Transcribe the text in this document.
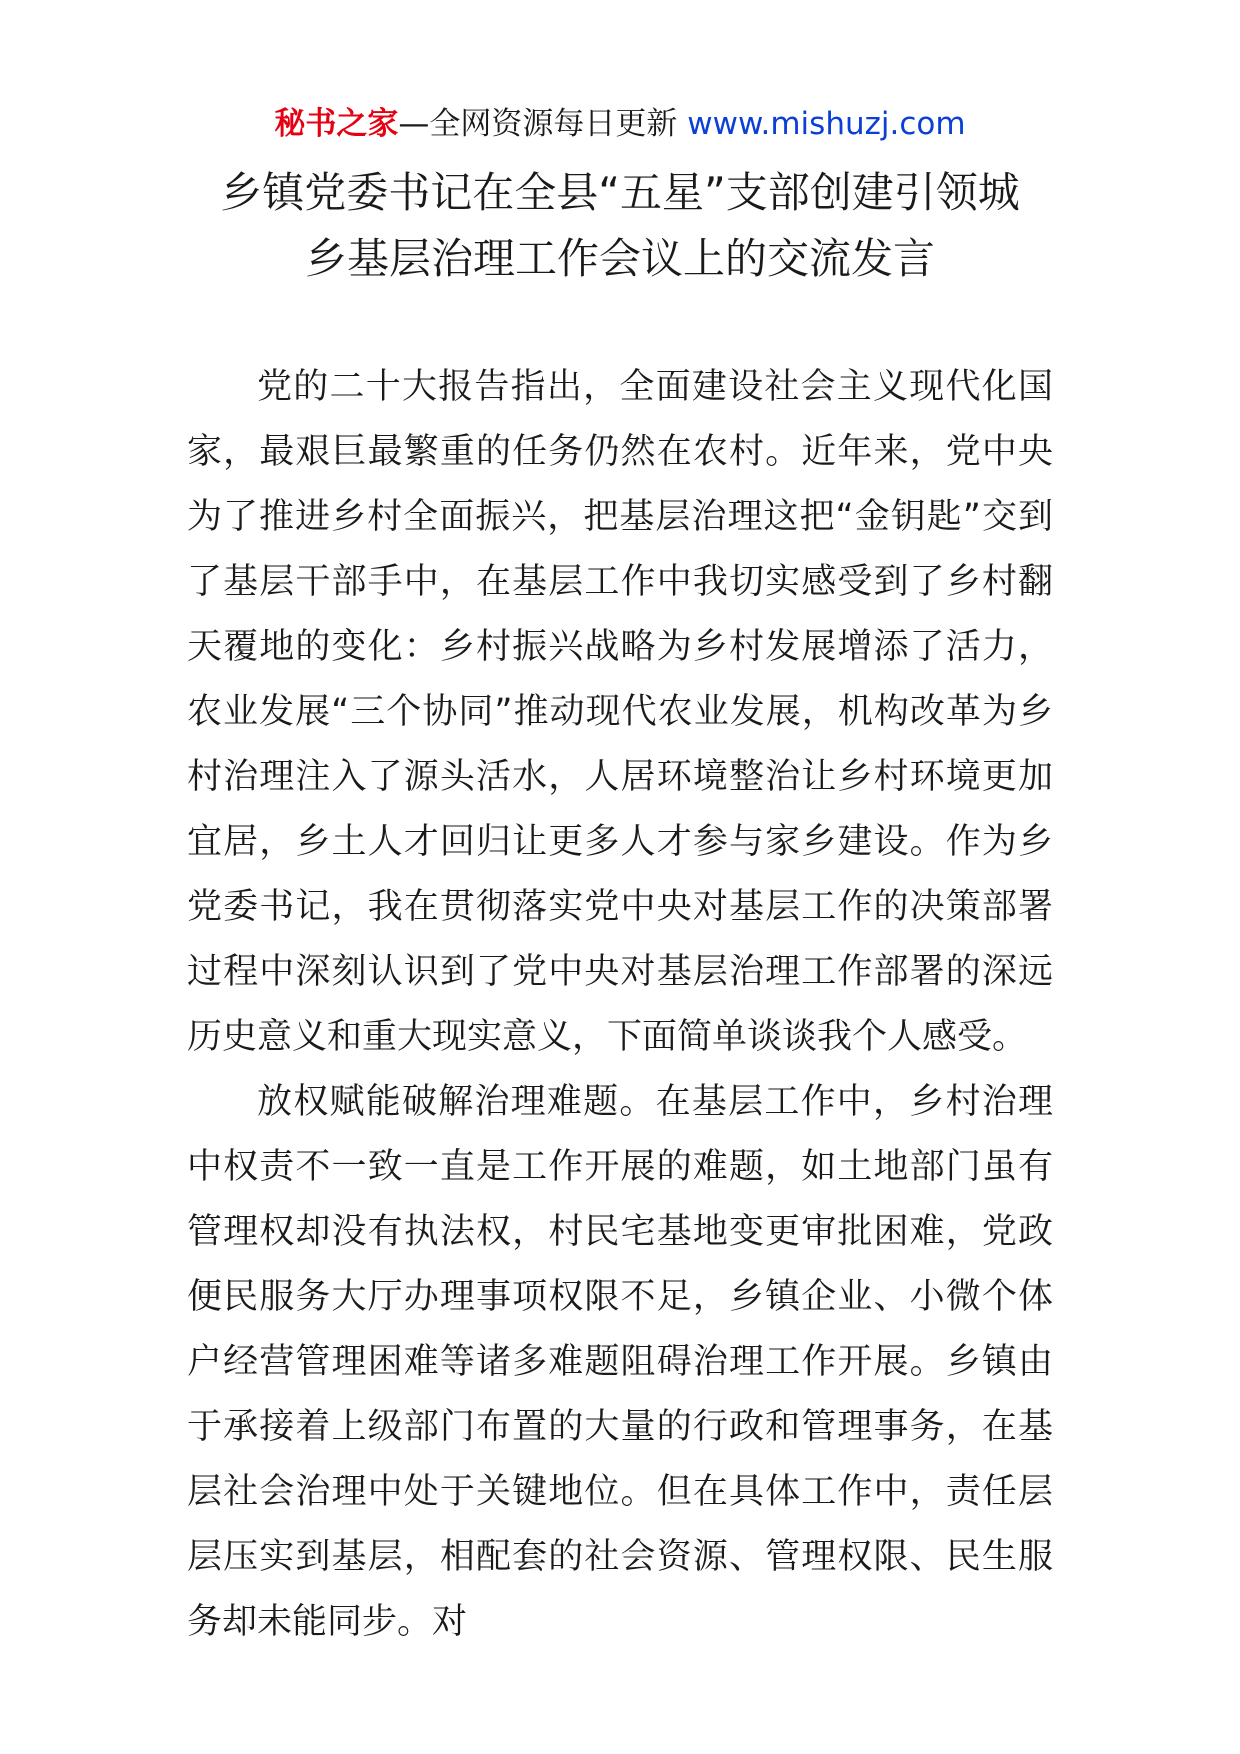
秘书之家—全网资源每日更新 www.mishuzj.com
乡镇党委书记在全县“五星”支部创建引领城
乡基层治理工作会议上的交流发言

党的二十大报告指出，全面建设社会主义现代化国家，最艰巨最繁重的任务仍然在农村。近年来，党中央为了推进乡村全面振兴，把基层治理这把“金钥匙”交到了基层干部手中，在基层工作中我切实感受到了乡村翻天覆地的变化：乡村振兴战略为乡村发展增添了活力，农业发展“三个协同”推动现代农业发展，机构改革为乡村治理注入了源头活水，人居环境整治让乡村环境更加宜居，乡土人才回归让更多人才参与家乡建设。作为乡党委书记，我在贯彻落实党中央对基层工作的决策部署过程中深刻认识到了党中央对基层治理工作部署的深远历史意义和重大现实意义，下面简单谈谈我个人感受。

放权赋能破解治理难题。在基层工作中，乡村治理中权责不一致一直是工作开展的难题，如土地部门虽有管理权却没有执法权，村民宅基地变更审批困难，党政便民服务大厅办理事项权限不足，乡镇企业、小微个体户经营管理困难等诸多难题阻碍治理工作开展。乡镇由于承接着上级部门布置的大量的行政和管理事务，在基层社会治理中处于关键地位。但在具体工作中，责任层层压实到基层，相配套的社会资源、管理权限、民生服务却未能同步。对
